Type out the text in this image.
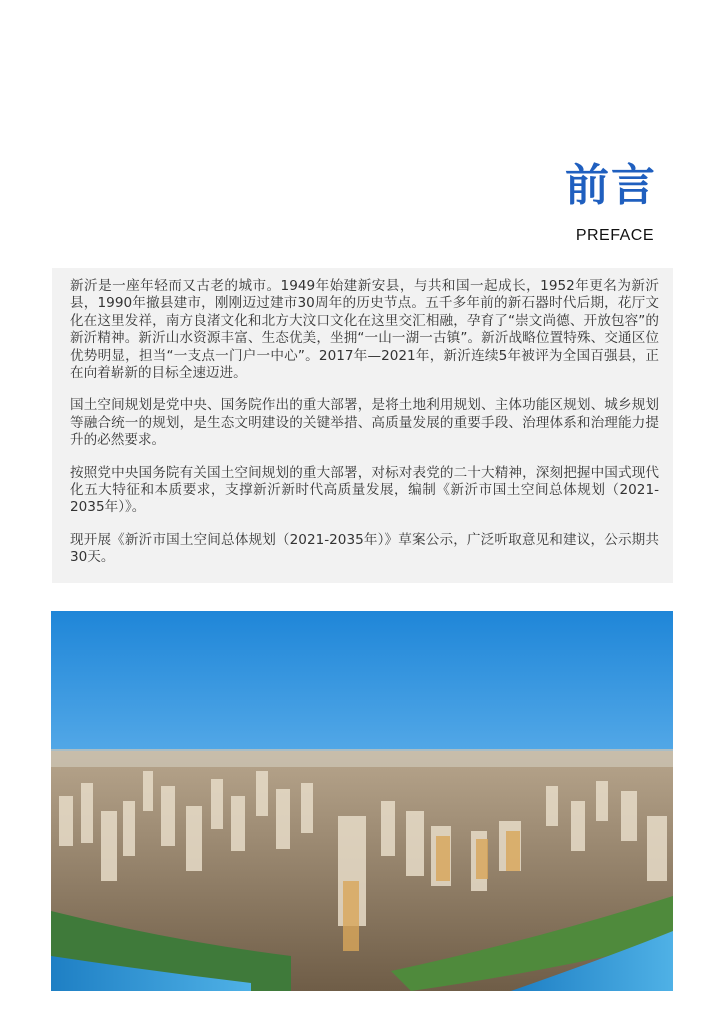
前言
PREFACE

新沂是一座年轻而又古老的城市。1949年始建新安县，与共和国一起成长，1952年更名为新沂县，1990年撤县建市，刚刚迈过建市30周年的历史节点。五千多年前的新石器时代后期，花厅文化在这里发祥，南方良渚文化和北方大汶口文化在这里交汇相融，孕育了“崇文尚德、开放包容”的新沂精神。新沂山水资源丰富、生态优美，坐拥“一山一湖一古镇”。新沂战略位置特殊、交通区位优势明显，担当“一支点一门户一中心”。2017年—2021年，新沂连续5年被评为全国百强县，正在向着崭新的目标全速迈进。

国土空间规划是党中央、国务院作出的重大部署，是将土地利用规划、主体功能区规划、城乡规划等融合统一的规划，是生态文明建设的关键举措、高质量发展的重要手段、治理体系和治理能力提升的必然要求。

按照党中央国务院有关国土空间规划的重大部署，对标对表党的二十大精神，深刻把握中国式现代化五大特征和本质要求，支撑新沂新时代高质量发展，编制《新沂市国土空间总体规划（2021-2035年）》。

现开展《新沂市国土空间总体规划（2021-2035年）》草案公示，广泛听取意见和建议，公示期共30天。
